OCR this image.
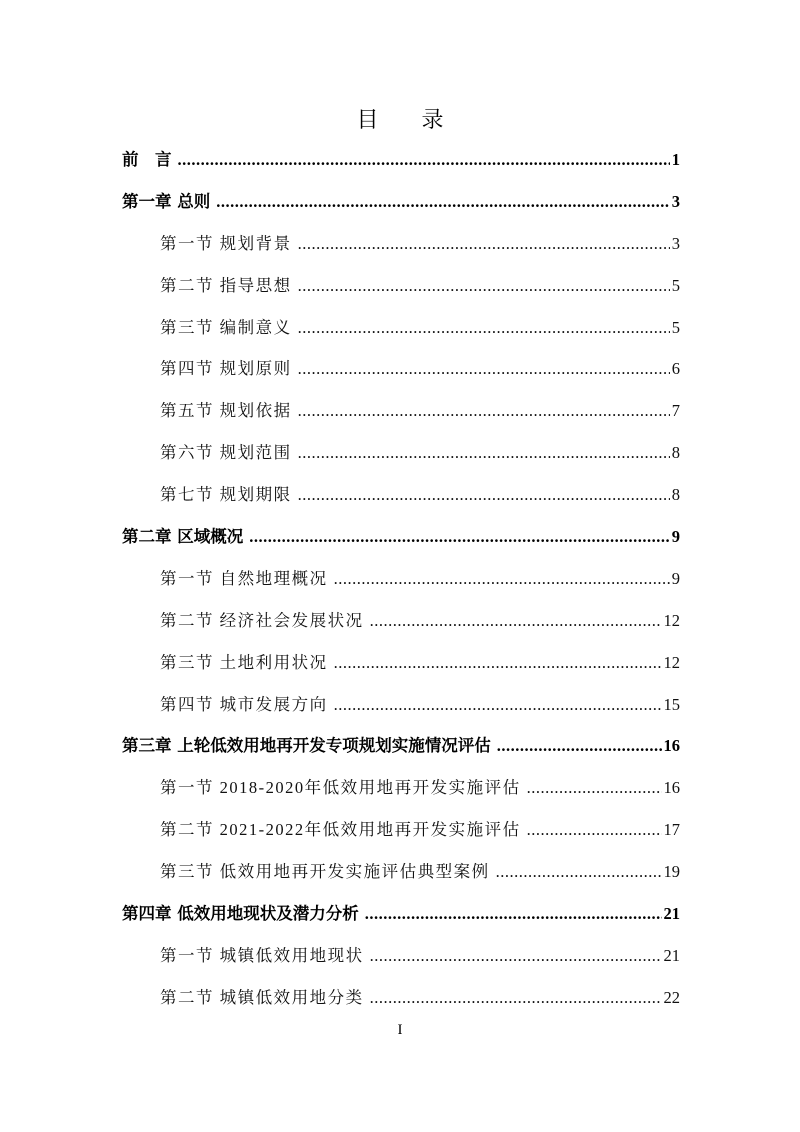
目 录
前　言 .....	1
第一章 总则 .....	3
第一节 规划背景 .....	3
第二节 指导思想 .....	5
第三节 编制意义 .....	5
第四节 规划原则 .....	6
第五节 规划依据 .....	7
第六节 规划范围 .....	8
第七节 规划期限 .....	8
第二章 区域概况 .....	9
第一节 自然地理概况 .....	9
第二节 经济社会发展状况 .....	12
第三节 土地利用状况 .....	12
第四节 城市发展方向 .....	15
第三章 上轮低效用地再开发专项规划实施情况评估 .....	16
第一节 2018-2020年低效用地再开发实施评估 .....	16
第二节 2021-2022年低效用地再开发实施评估 .....	17
第三节 低效用地再开发实施评估典型案例 .....	19
第四章 低效用地现状及潜力分析 .....	21
第一节 城镇低效用地现状 .....	21
第二节 城镇低效用地分类 .....	22
I
